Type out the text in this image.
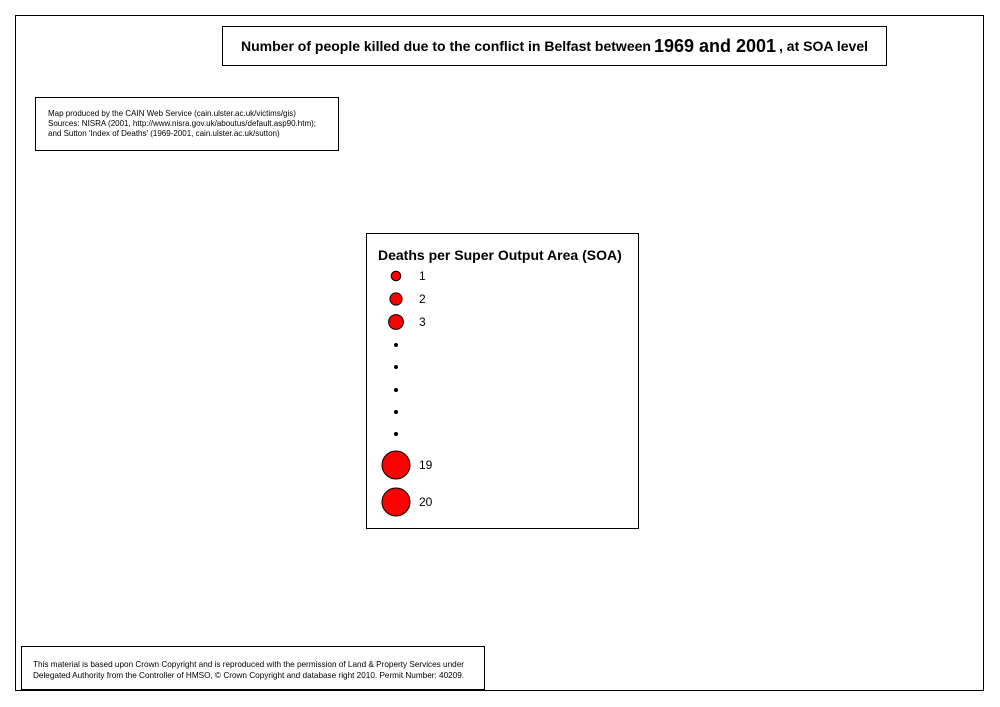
Number of people killed due to the conflict in Belfast between 1969 and 2001 , at SOA level
Map produced by the CAIN Web Service (cain.ulster.ac.uk/victims/gis)
Sources: NISRA (2001, http://www.nisra.gov.uk/aboutus/default.asp90.htm);
and Sutton 'Index of Deaths' (1969-2001, cain.ulster.ac.uk/sutton)
Deaths per Super Output Area (SOA)
1
2
3
19
20
This material is based upon Crown Copyright and is reproduced with the permission of Land & Property Services under
Delegated Authority from the Controller of HMSO, © Crown Copyright and database right 2010. Permit Number: 40209.
